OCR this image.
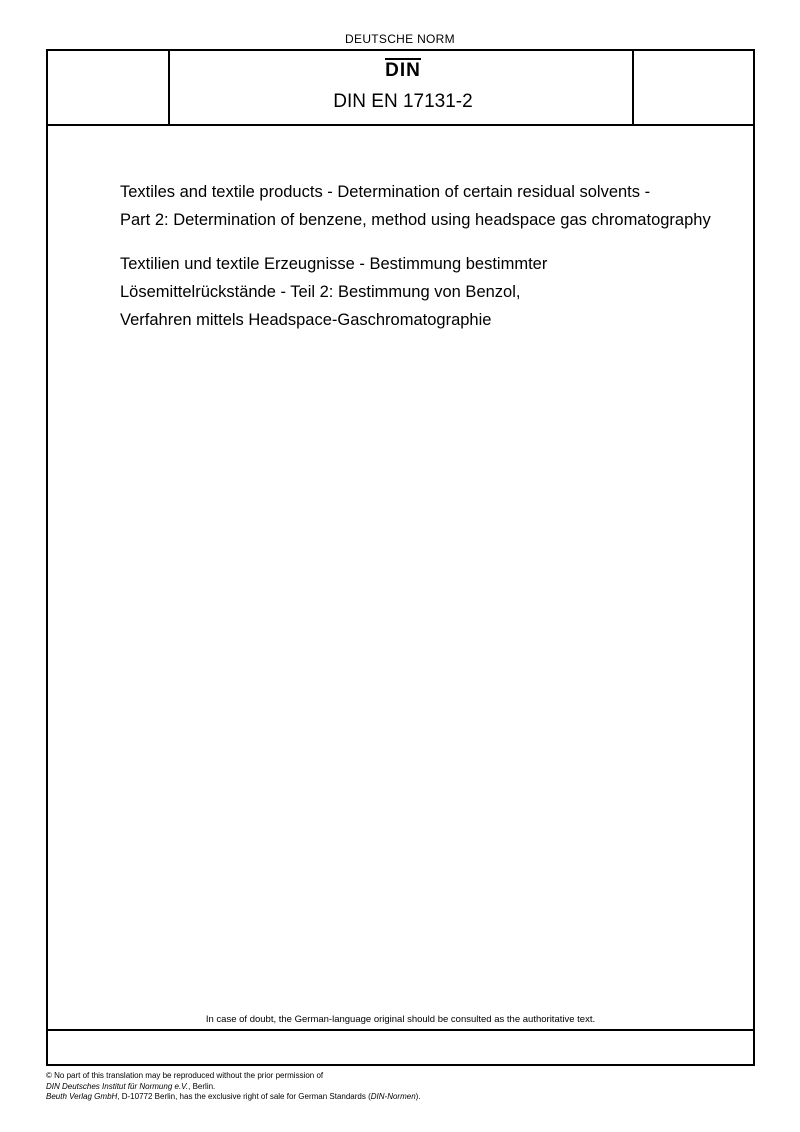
DEUTSCHE NORM
DIN
DIN EN 17131-2
Textiles and textile products - Determination of certain residual solvents -
Part 2: Determination of benzene, method using headspace gas chromatography
Textilien und textile Erzeugnisse - Bestimmung bestimmter
Lösemittelrückstände - Teil 2: Bestimmung von Benzol,
Verfahren mittels Headspace-Gaschromatographie
In case of doubt, the German-language original should be consulted as the authoritative text.
© No part of this translation may be reproduced without the prior permission of
DIN Deutsches Institut für Normung e.V., Berlin.
Beuth Verlag GmbH, D-10772 Berlin, has the exclusive right of sale for German Standards (DIN-Normen).
